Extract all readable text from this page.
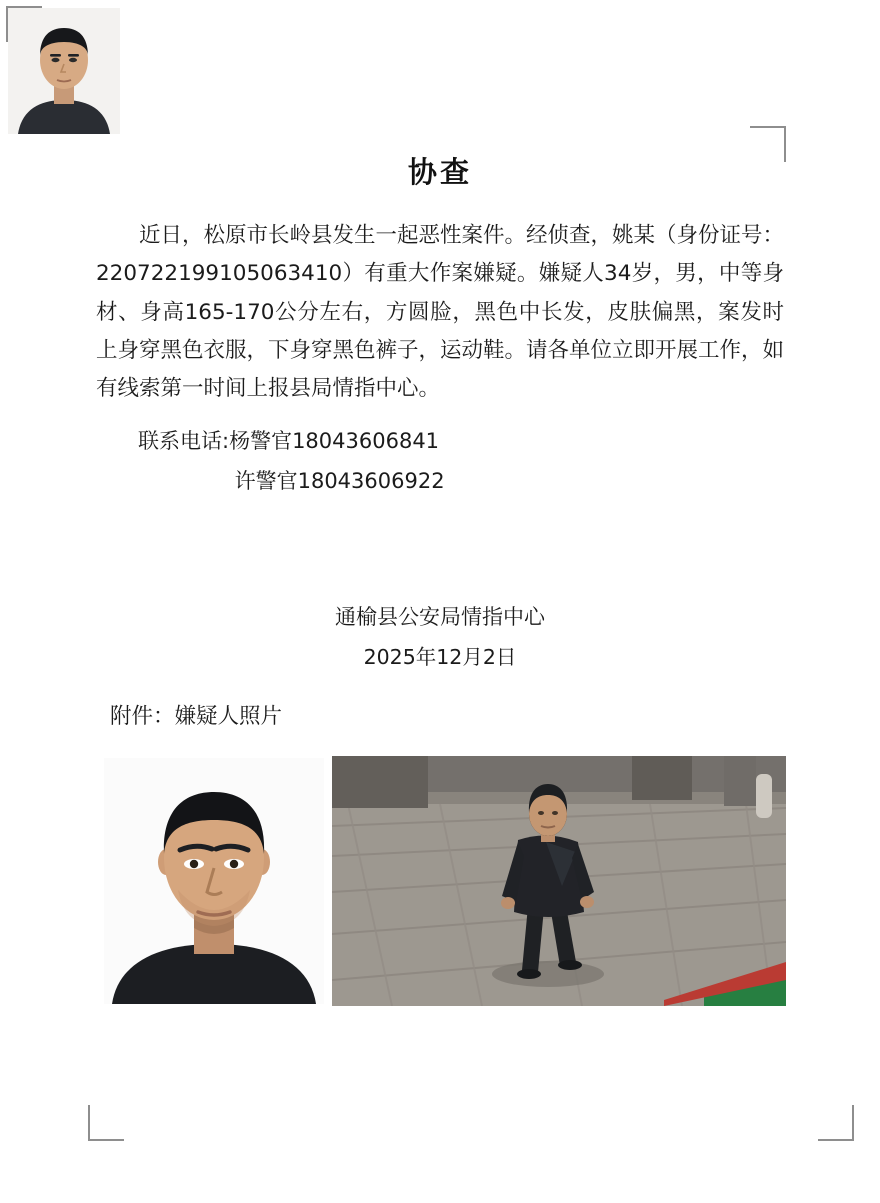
协查
近日，松原市长岭县发生一起恶性案件。经侦查，姚某（身份证号：220722199105063410）有重大作案嫌疑。嫌疑人34岁，男，中等身材、身高165-170公分左右，方圆脸，黑色中长发，皮肤偏黑，案发时上身穿黑色衣服，下身穿黑色裤子，运动鞋。请各单位立即开展工作，如有线索第一时间上报县局情指中心。
联系电话:杨警官18043606841
许警官18043606922
通榆县公安局情指中心
2025年12月2日
附件：嫌疑人照片
